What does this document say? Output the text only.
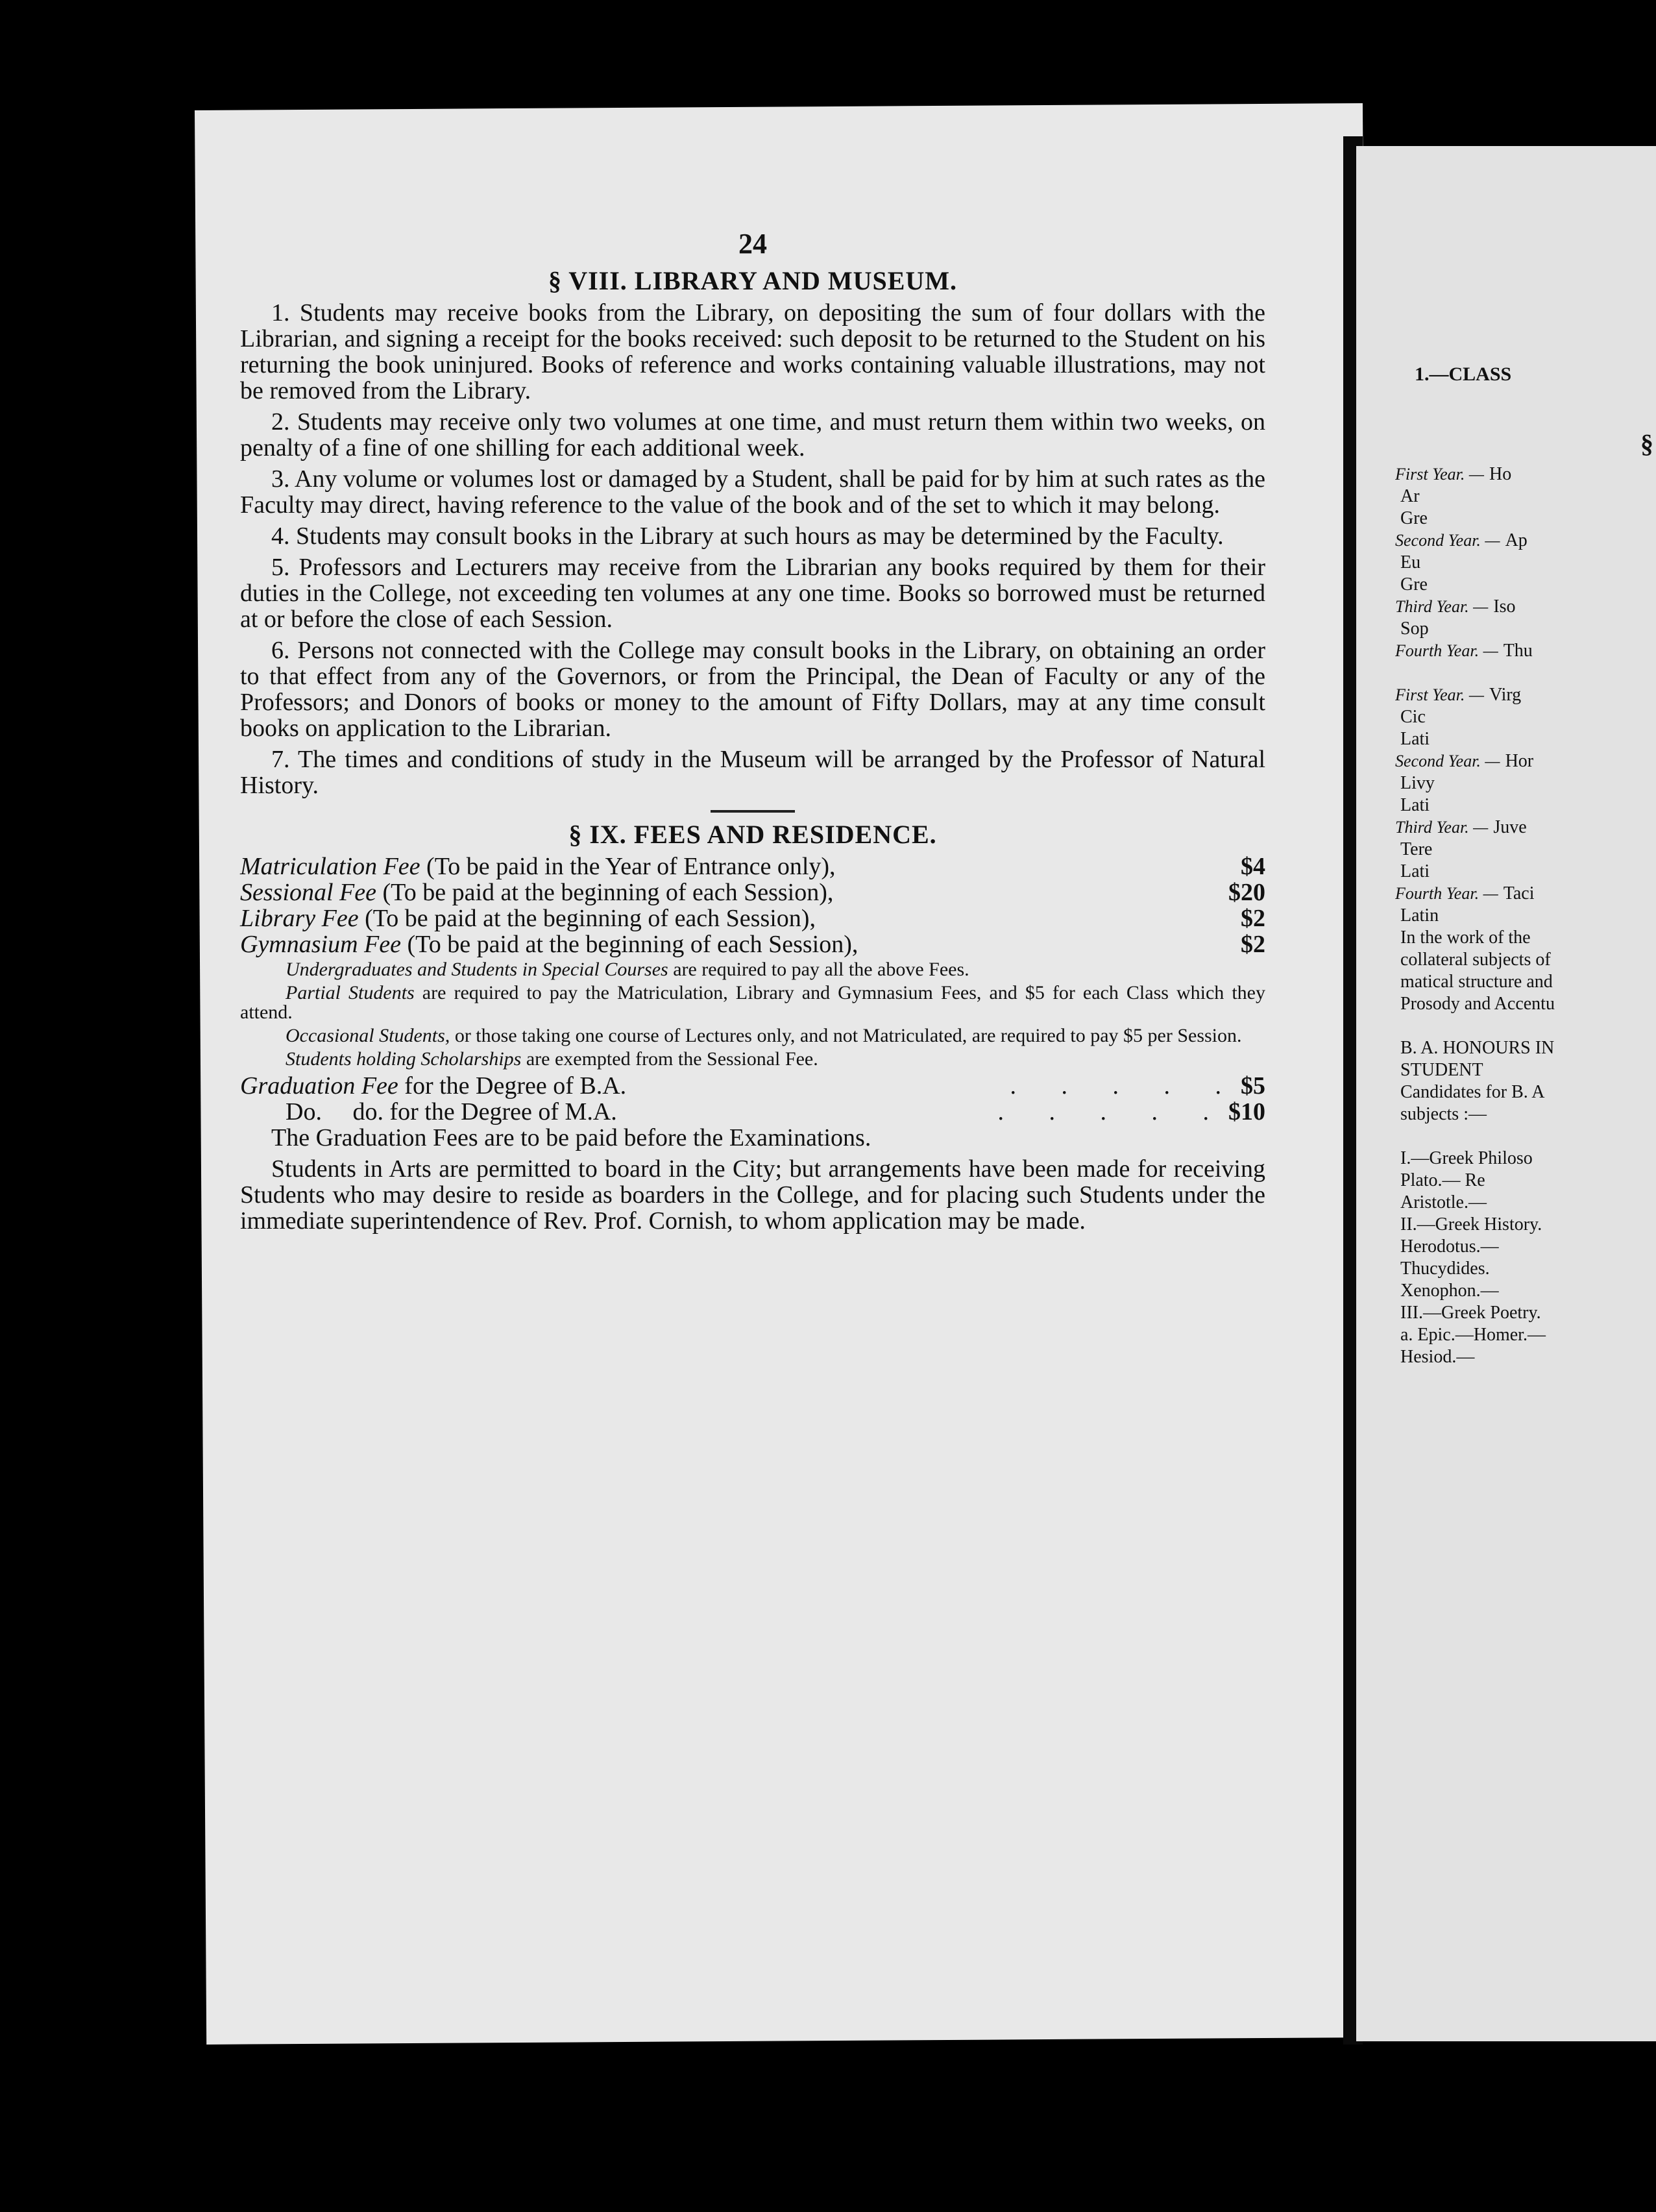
24
§ VIII. LIBRARY AND MUSEUM.

1. Students may receive books from the Library, on depositing the sum of four dollars with the Librarian, and signing a receipt for the books received: such deposit to be returned to the Student on his returning the book uninjured. Books of reference and works containing valuable illustrations, may not be removed from the Library.

2. Students may receive only two volumes at one time, and must return them within two weeks, on penalty of a fine of one shilling for each additional week.

3. Any volume or volumes lost or damaged by a Student, shall be paid for by him at such rates as the Faculty may direct, having reference to the value of the book and of the set to which it may belong.

4. Students may consult books in the Library at such hours as may be determined by the Faculty.

5. Professors and Lecturers may receive from the Librarian any books required by them for their duties in the College, not exceeding ten volumes at any one time. Books so borrowed must be returned at or before the close of each Session.

6. Persons not connected with the College may consult books in the Library, on obtaining an order to that effect from any of the Governors, or from the Principal, the Dean of Faculty or any of the Professors; and Donors of books or money to the amount of Fifty Dollars, may at any time consult books on application to the Librarian.

7. The times and conditions of study in the Museum will be arranged by the Professor of Natural History.

§ IX. FEES AND RESIDENCE.
Matriculation Fee (To be paid in the Year of Entrance only),	$4
Sessional Fee (To be paid at the beginning of each Session),	$20
Library Fee (To be paid at the beginning of each Session),	$2
Gymnasium Fee (To be paid at the beginning of each Session),	$2
Undergraduates and Students in Special Courses are required to pay all the above Fees.
Partial Students are required to pay the Matriculation, Library and Gymnasium Fees, and $5 for each Class which they attend.
Occasional Students, or those taking one course of Lectures only, and not Matriculated, are required to pay $5 per Session.
Students holding Scholarships are exempted from the Sessional Fee.
Graduation Fee for the Degree of B.A.	. . . . .$5
Do.     do. for the Degree of M.A.	. . . . .$10

The Graduation Fees are to be paid before the Examinations.

Students in Arts are permitted to board in the City; but arrangements have been made for receiving Students who may desire to reside as boarders in the College, and for placing such Students under the immediate superintendence of Rev. Prof. Cornish, to whom application may be made.

§
1.—CLASS
First Year. — Ho
Ar
Gre
Second Year. — Ap
Eu
Gre
Third Year. — Iso
Sop
Fourth Year. — Thu
First Year. — Virg
Cic
Lati
Second Year. — Hor
Livy
Lati
Third Year. — Juve
Tere
Lati
Fourth Year. — Taci
Latin
In the work of the
collateral subjects of
matical structure and
Prosody and Accentu
B. A. HONOURS IN
STUDENT
Candidates for B. A
subjects :—
I.—Greek Philoso
Plato.— Re
Aristotle.—
II.—Greek History.
Herodotus.—
Thucydides.
Xenophon.—
III.—Greek Poetry.
a. Epic.—Homer.—
Hesiod.—
